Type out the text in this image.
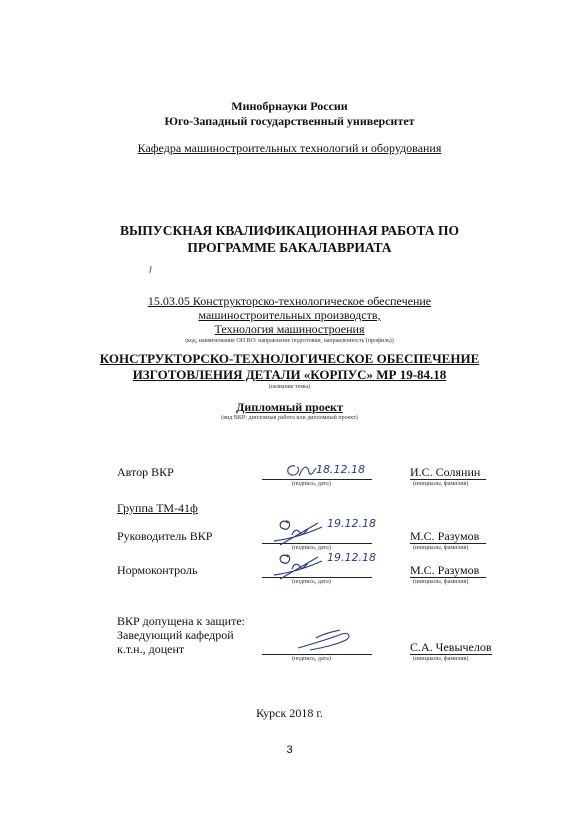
Минобрнауки России
Юго-Западный государственный университет
Кафедра машиностроительных технологий и оборудования
ВЫПУСКНАЯ КВАЛИФИКАЦИОННАЯ РАБОТА ПО
ПРОГРАММЕ БАКАЛАВРИАТА
15.03.05 Конструкторско-технологическое обеспечение
машиностроительных производств,
Технология машиностроения
(код, наименование ОП ВО: направление подготовки, направленность (профиль))
КОНСТРУКТОРСКО-ТЕХНОЛОГИЧЕСКОЕ ОБЕСПЕЧЕНИЕ
ИЗГОТОВЛЕНИЯ ДЕТАЛИ «КОРПУС» МР 19-84.18
(название темы)
Дипломный проект
(вид ВКР: дипломная работа или дипломный проект)
Автор ВКР
(подпись, дата)
И.С. Солянин
(инициалы, фамилия)
18.12.18
Группа ТМ-41ф
Руководитель ВКР
(подпись, дата)
М.С. Разумов
(инициалы, фамилия)
19.12.18
Нормоконтроль
(подпись, дата)
М.С. Разумов
(инициалы, фамилия)
19.12.18
ВКР допущена к защите:
Заведующий кафедрой
к.т.н., доцент
(подпись, дата)
С.А. Чевычелов
(инициалы, фамилия)
Курск 2018 г.
3
